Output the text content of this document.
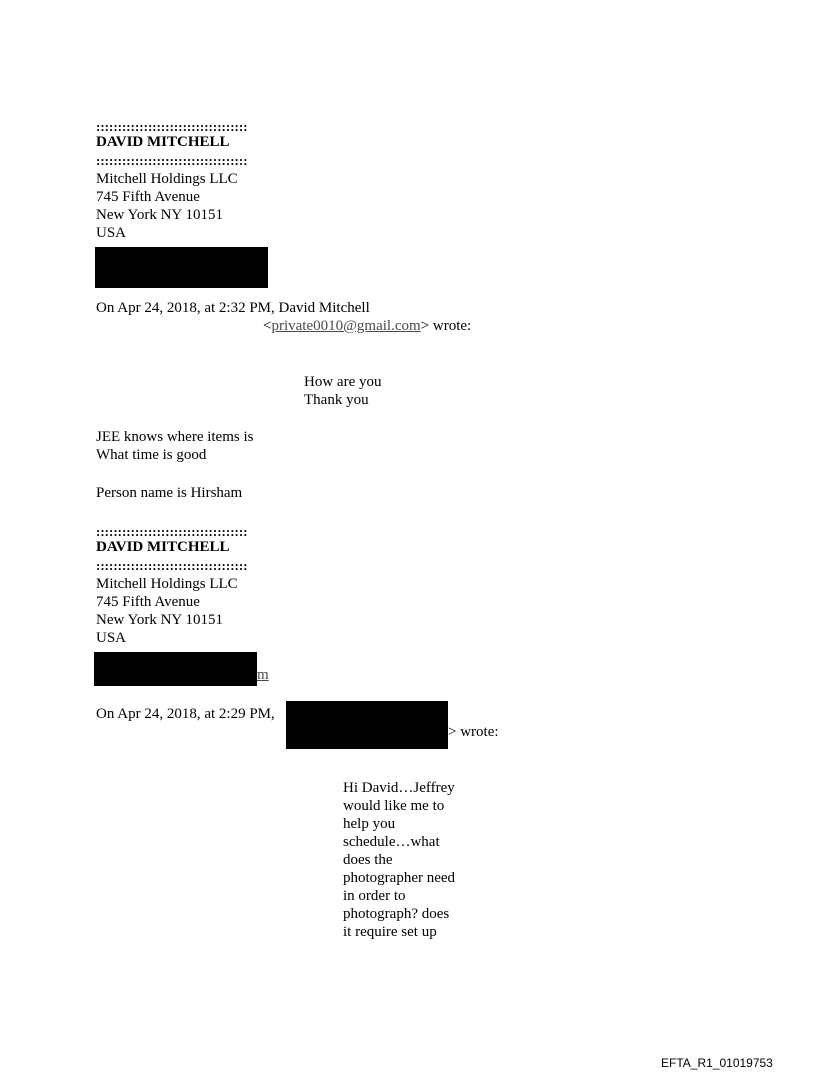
:::::::::::::::::::::::::::::::::::
DAVID MITCHELL
:::::::::::::::::::::::::::::::::::
Mitchell Holdings LLC
745 Fifth Avenue
New York NY 10151
USA
On Apr 24, 2018, at 2:32 PM, David Mitchell
<private0010@gmail.com> wrote:
How are you
Thank you
JEE knows where items is
What time is good
Person name is Hirsham
:::::::::::::::::::::::::::::::::::
DAVID MITCHELL
:::::::::::::::::::::::::::::::::::
Mitchell Holdings LLC
745 Fifth Avenue
New York NY 10151
USA
m
On Apr 24, 2018, at 2:29 PM,
> wrote:
Hi David…Jeffrey
would like me to
help you
schedule…what
does the
photographer need
in order to
photograph? does
it require set up
EFTA_R1_01019753
